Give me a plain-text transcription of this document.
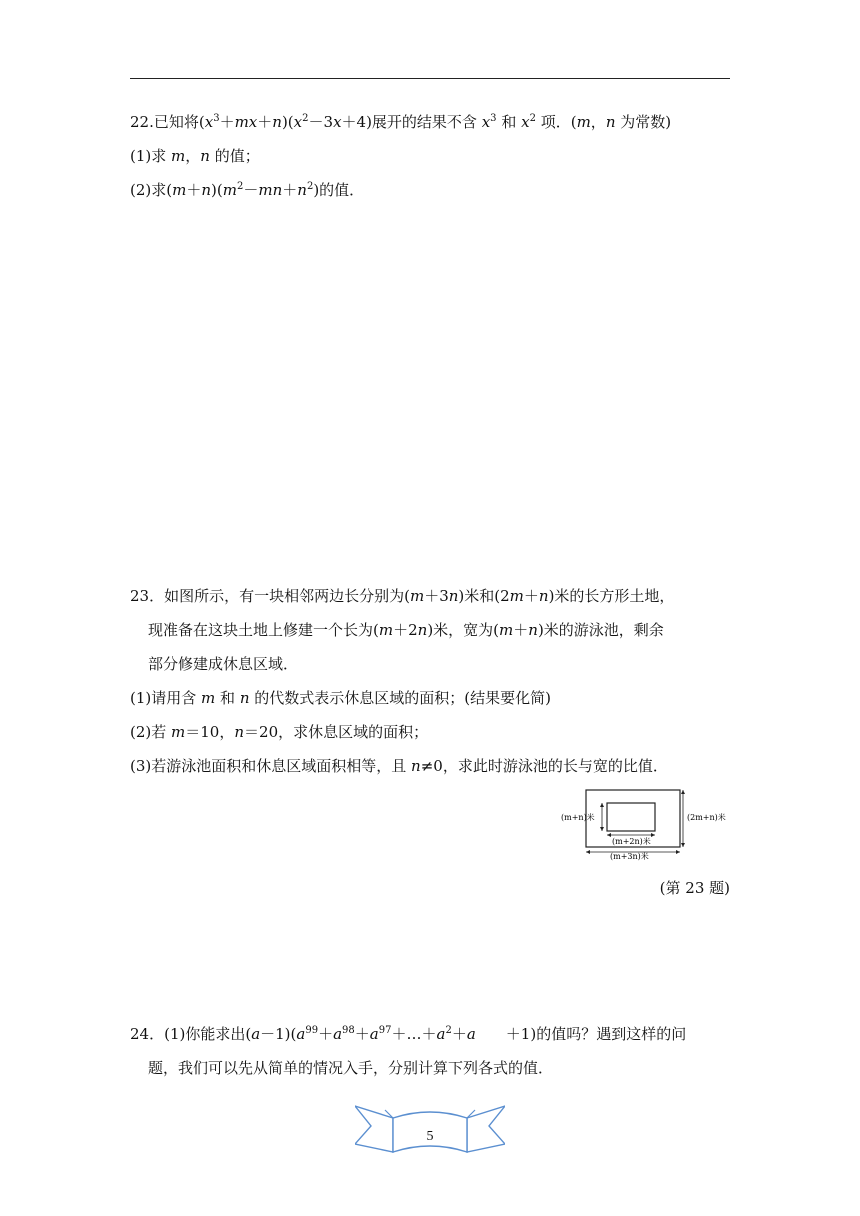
22.已知将$(x^3+mx+n)(x^2-3x+4)$展开的结果不含 $x^3$ 和 $x^2$ 项．(m，n 为常数)
(1)求 m，n 的值；
(2)求$(m+n)(m^2-mn+n^2)$的值．
23．如图所示，有一块相邻两边长分别为(m＋3n)米和(2m＋n)米的长方形土地，
现准备在这块土地上修建一个长为(m＋2n)米，宽为(m＋n)米的游泳池，剩余
部分修建成休息区域．
(1)请用含 m 和 n 的代数式表示休息区域的面积；(结果要化简)
(2)若 m＝10，n＝20，求休息区域的面积；
(3)若游泳池面积和休息区域面积相等，且 n≠0，求此时游泳池的长与宽的比值．
(m+n)米	(2m+n)米
(m+2n)米
(m+3n)米
(第 23 题)
24．(1)你能求出$(a-1)(a^{99}+a^{98}+a^{97}+\dots+a^2+a$　　＋1)的值吗？遇到这样的问
题，我们可以先从简单的情况入手，分别计算下列各式的值．
5
